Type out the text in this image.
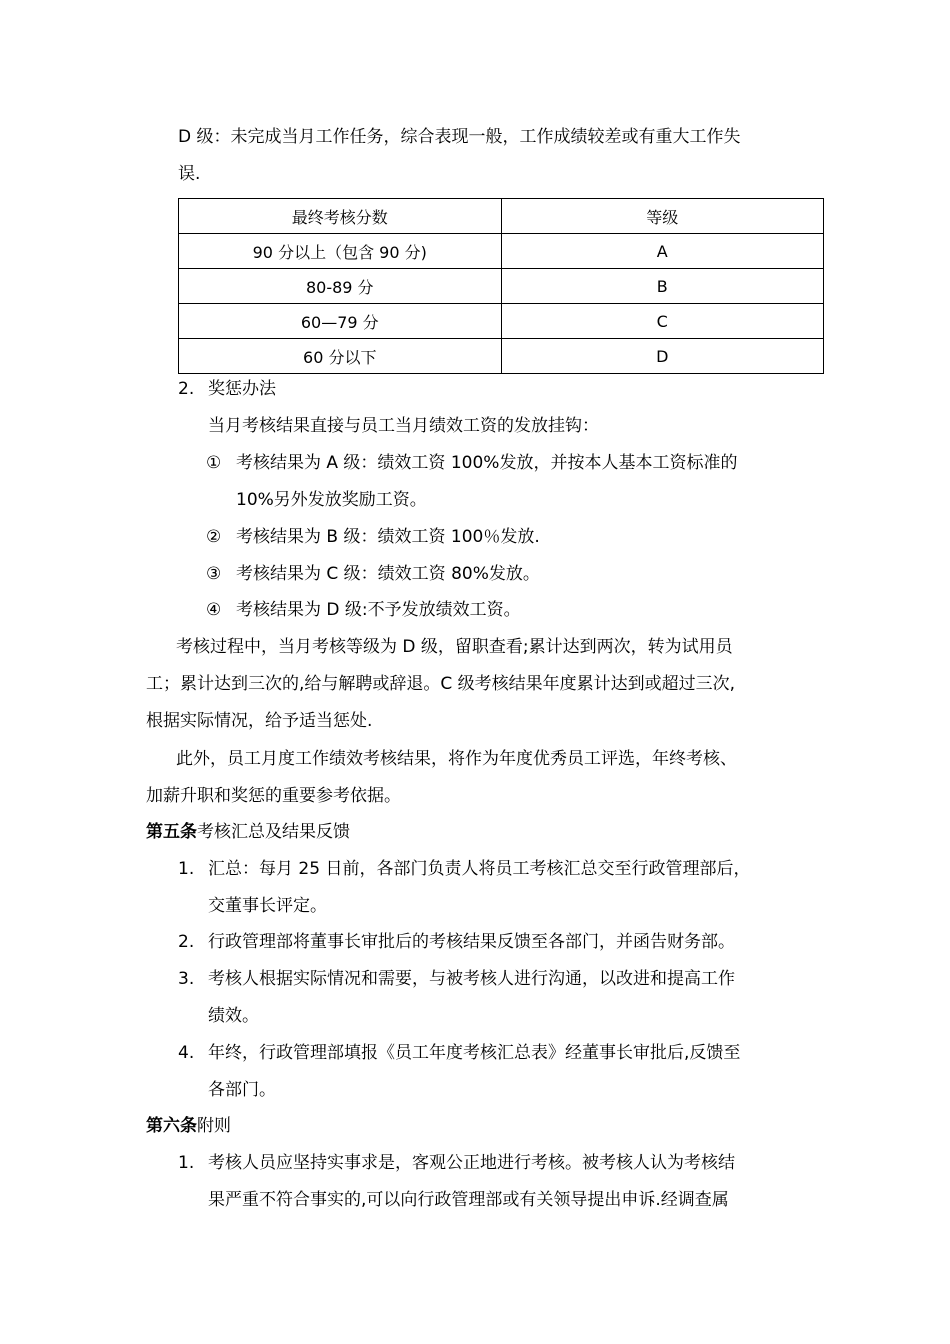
D 级：未完成当月工作任务，综合表现一般，工作成绩较差或有重大工作失
误.
最终考核分数	等级
90 分以上（包含 90 分)	A
80-89 分	B
60—79 分	C
60 分以下	D
2. 奖惩办法
当月考核结果直接与员工当月绩效工资的发放挂钩：
① 考核结果为 A 级：绩效工资 100%发放，并按本人基本工资标准的
10%另外发放奖励工资。
② 考核结果为 B 级：绩效工资 100％发放.
③ 考核结果为 C 级：绩效工资 80%发放。
④ 考核结果为 D 级:不予发放绩效工资。
考核过程中，当月考核等级为 D 级，留职查看;累计达到两次，转为试用员
工；累计达到三次的,给与解聘或辞退。C 级考核结果年度累计达到或超过三次,
根据实际情况，给予适当惩处.
此外，员工月度工作绩效考核结果，将作为年度优秀员工评选，年终考核、
加薪升职和奖惩的重要参考依据。
第五条考核汇总及结果反馈
1. 汇总：每月 25 日前，各部门负责人将员工考核汇总交至行政管理部后，
交董事长评定。
2. 行政管理部将董事长审批后的考核结果反馈至各部门，并函告财务部。
3. 考核人根据实际情况和需要，与被考核人进行沟通，以改进和提高工作
绩效。
4. 年终，行政管理部填报《员工年度考核汇总表》经董事长审批后,反馈至
各部门。
第六条附则
1. 考核人员应坚持实事求是，客观公正地进行考核。被考核人认为考核结
果严重不符合事实的,可以向行政管理部或有关领导提出申诉.经调查属
